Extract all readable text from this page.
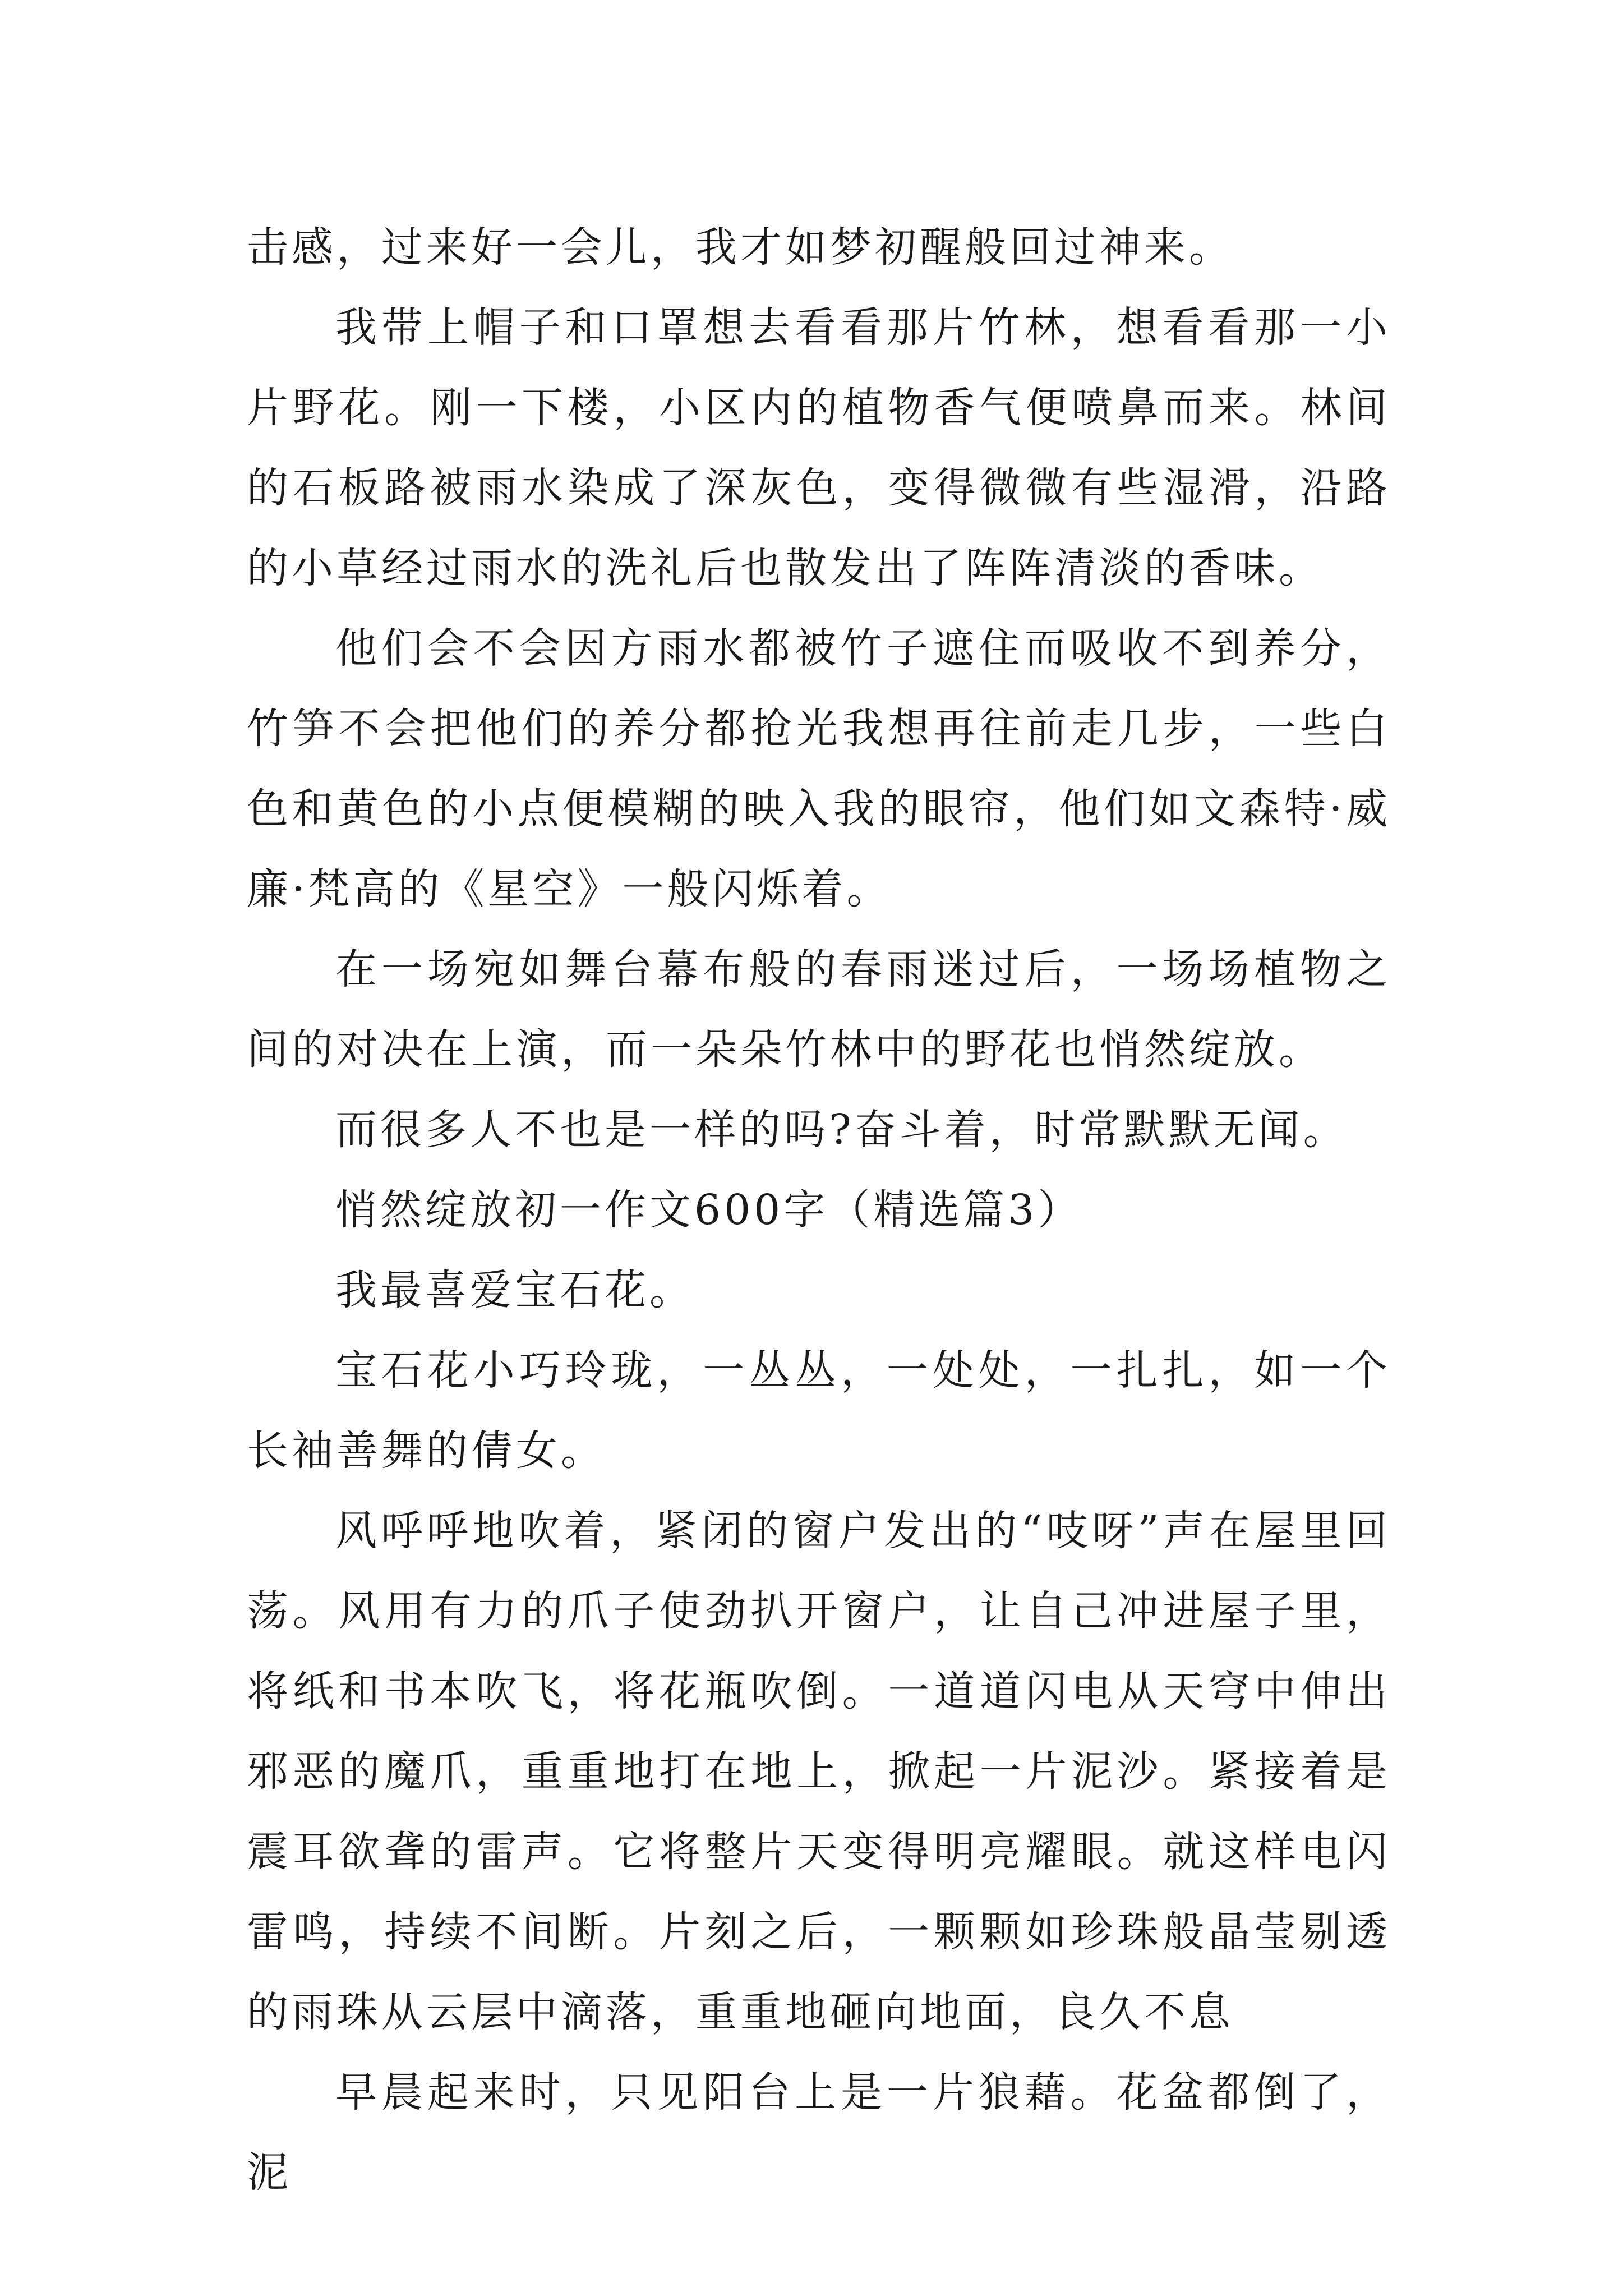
击感，过来好一会儿，我才如梦初醒般回过神来。

我带上帽子和口罩想去看看那片竹林，想看看那一小片野花。刚一下楼，小区内的植物香气便喷鼻而来。林间的石板路被雨水染成了深灰色，变得微微有些湿滑，沿路的小草经过雨水的洗礼后也散发出了阵阵清淡的香味。

他们会不会因方雨水都被竹子遮住而吸收不到养分，竹笋不会把他们的养分都抢光我想再往前走几步，一些白色和黄色的小点便模糊的映入我的眼帘，他们如文森特·威廉·梵高的《星空》一般闪烁着。

在一场宛如舞台幕布般的春雨迷过后，一场场植物之间的对决在上演，而一朵朵竹林中的野花也悄然绽放。

而很多人不也是一样的吗?奋斗着，时常默默无闻。

悄然绽放初一作文600字（精选篇3）

我最喜爱宝石花。

宝石花小巧玲珑，一丛丛，一处处，一扎扎，如一个长袖善舞的倩女。

风呼呼地吹着，紧闭的窗户发出的“吱呀”声在屋里回荡。风用有力的爪子使劲扒开窗户，让自己冲进屋子里，将纸和书本吹飞，将花瓶吹倒。一道道闪电从天穹中伸出邪恶的魔爪，重重地打在地上，掀起一片泥沙。紧接着是震耳欲聋的雷声。它将整片天变得明亮耀眼。就这样电闪雷鸣，持续不间断。片刻之后，一颗颗如珍珠般晶莹剔透的雨珠从云层中滴落，重重地砸向地面，良久不息

早晨起来时，只见阳台上是一片狼藉。花盆都倒了，泥
